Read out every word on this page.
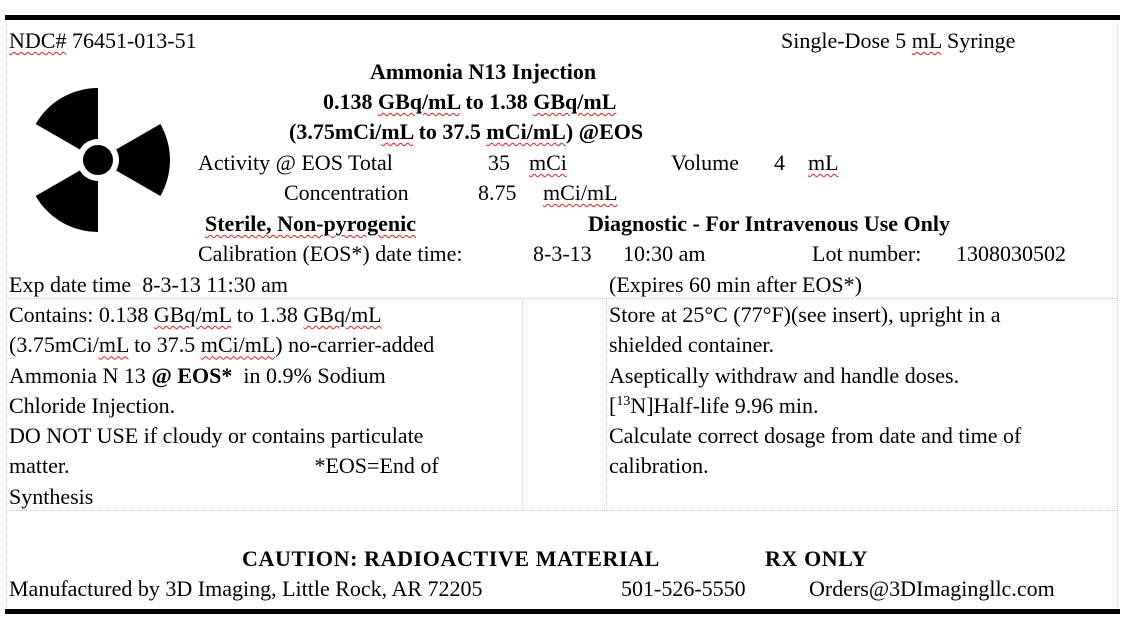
NDC# 76451-013-51	Single-Dose 5 mL Syringe
Ammonia N13 Injection
0.138 GBq/mL to 1.38 GBq/mL
(3.75mCi/mL to 37.5 mCi/mL) @EOS
Activity @ EOS Total	35 mCi	Volume 4 mL
Concentration	8.75 mCi/mL
Sterile, Non-pyrogenic	Diagnostic - For Intravenous Use Only
Calibration (EOS*) date time:	8-3-13 10:30 am	Lot number: 1308030502
Exp date time 8-3-13 11:30 am	(Expires 60 min after EOS*)
Contains: 0.138 GBq/mL to 1.38 GBq/mL
(3.75mCi/mL to 37.5 mCi/mL) no-carrier-added
Ammonia N 13 @ EOS* in 0.9% Sodium
Chloride Injection.
DO NOT USE if cloudy or contains particulate
matter.	*EOS=End of
Synthesis
Store at 25°C (77°F)(see insert), upright in a
shielded container.
Aseptically withdraw and handle doses.
[$^{13}$N]Half-life 9.96 min.
Calculate correct dosage from date and time of
calibration.
CAUTION: RADIOACTIVE MATERIAL	RX ONLY
Manufactured by 3D Imaging, Little Rock, AR 72205	501-526-5550	Orders@3DImagingllc.com
